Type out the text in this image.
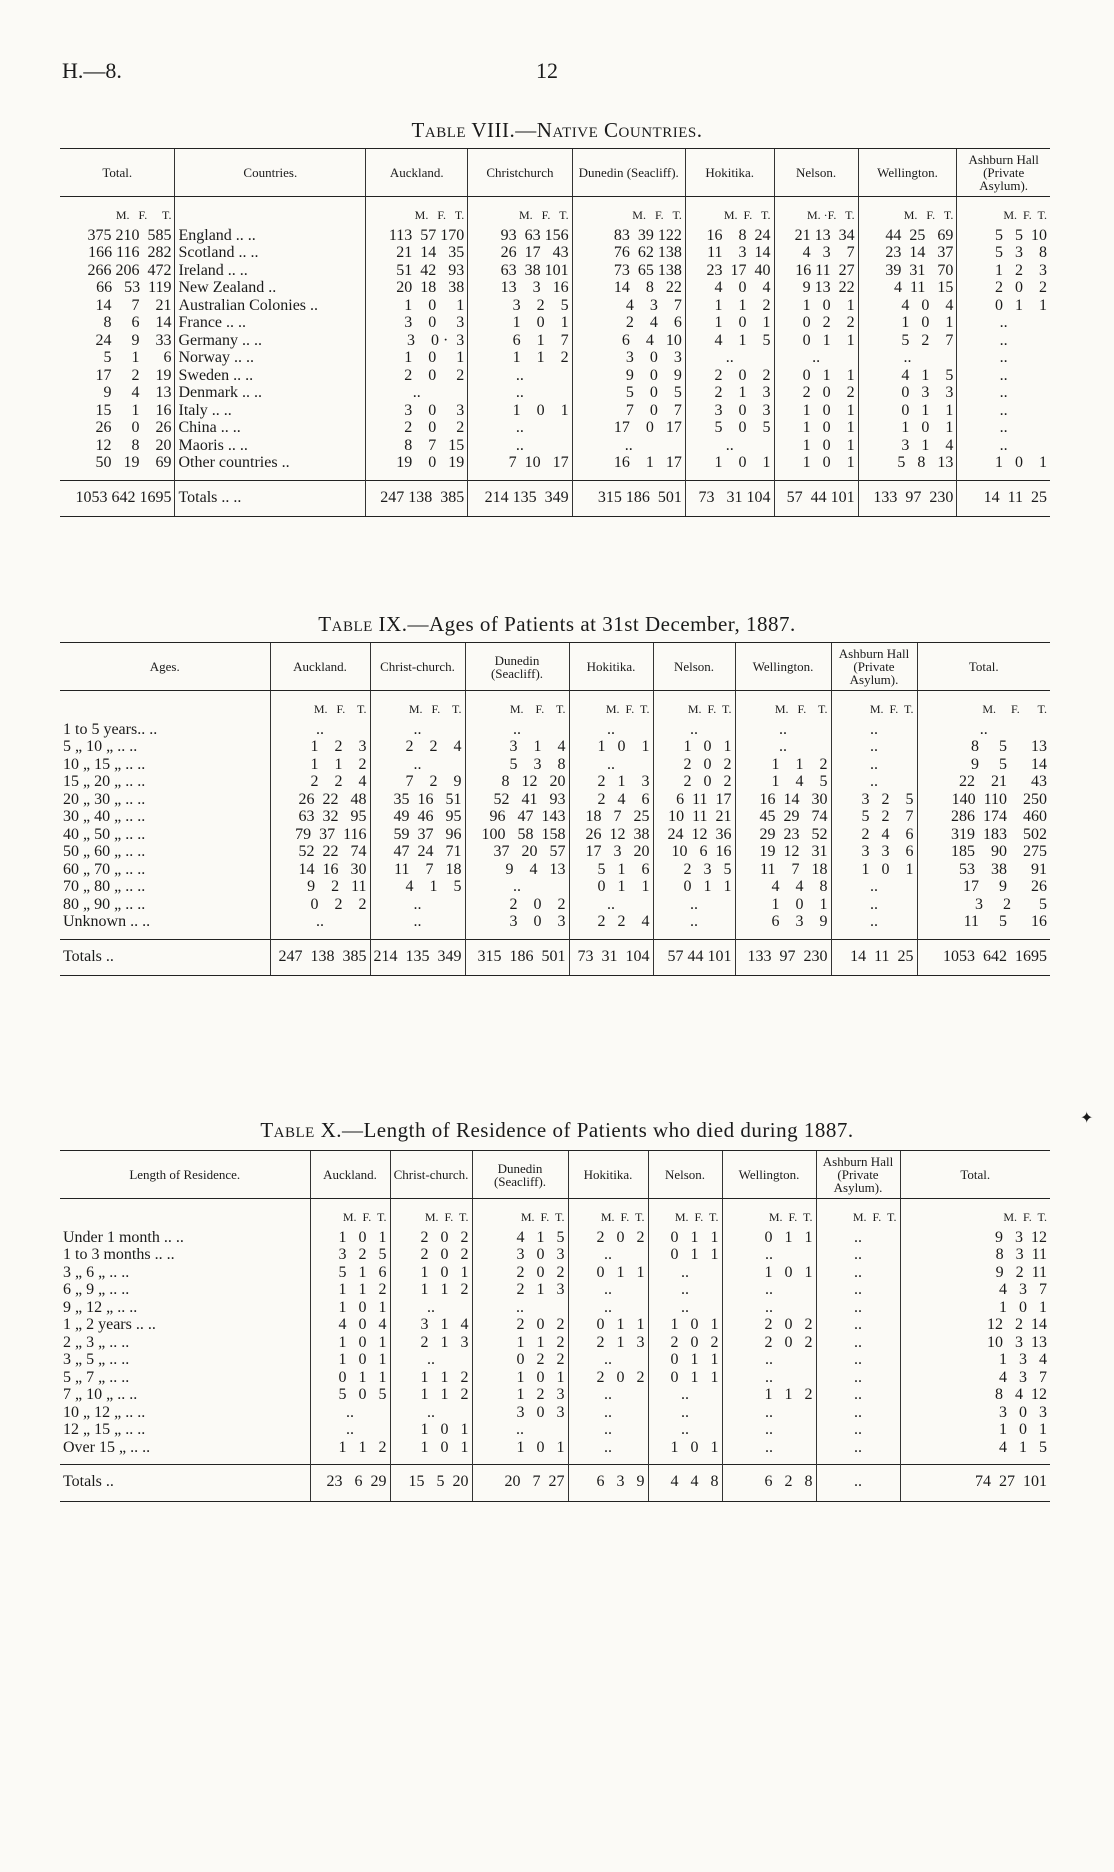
H.—8.	12
Table VIII.—Native Countries.
Total.	Countries.	Auckland.	Christchurch	Dunedin (Seacliff).	Hokitika.	Nelson.	Wellington.	Ashburn Hall (Private Asylum).
M.   F.     T.		M.   F.   T.	M.   F.   T.	M.   F.   T.	M.  F.   T.	M. ·F.   T.	M.   F.   T.	M.  F.  T.
375 210  585	England .. ..	113  57 170	93  63 156	83  39 122	16    8  24	21 13  34	44  25   69	5   5  10
166 116  282	Scotland .. ..	21  14   35	26  17   43	76  62 138	11    3  14	4   3    7	23  14   37	5   3    8
266 206  472	Ireland .. ..	51  42   93	63  38 101	73  65 138	23  17  40	16 11  27	39  31   70	1   2    3
66   53  119	New Zealand ..	20  18   38	13    3   16	14    8   22	4    0    4	9 13  22	4  11   15	2   0    2
14     7    21	Australian Colonies ..	1    0     1	3    2    5	4    3    7	1    1    2	1   0    1	4   0    4	0   1    1
8     6    14	France .. ..	3    0     3	1    0    1	2    4    6	1    0    1	0   2    2	1   0    1	..
24     9    33	Germany .. ..	3    0 ·  3	6    1    7	6    4   10	4    1    5	0   1    1	5   2    7	..
5     1      6	Norway .. ..	1    0     1	1    1    2	3    0    3	..	..	..	..
17     2    19	Sweden .. ..	2    0     2	..	9    0    9	2    0    2	0   1    1	4   1    5	..
9     4    13	Denmark .. ..	..	..	5    0    5	2    1    3	2   0    2	0   3    3	..
15     1    16	Italy .. ..	3    0     3	1    0    1	7    0    7	3    0    3	1   0    1	0   1    1	..
26     0    26	China .. ..	2    0     2	..	17    0   17	5    0    5	1   0    1	1   0    1	..
12     8    20	Maoris .. ..	8    7   15	..	..	..	1   0    1	3   1    4	..
50   19    69	Other countries ..	19    0   19	7  10   17	16    1   17	1    0    1	1   0    1	5   8   13	1   0    1
1053 642 1695	Totals .. ..	247 138  385	214 135  349	315 186  501	73   31 104	57  44 101	133  97  230	14  11  25
Table IX.—Ages of Patients at 31st December, 1887.
Ages.	Auckland.	Christ-church.	Dunedin (Seacliff).	Hokitika.	Nelson.	Wellington.	Ashburn Hall (Private Asylum).	Total.
	M.   F.    T.	M.   F.    T.	M.    F.    T.	M.  F.  T.	M.  F.  T.	M.   F.    T.	M.  F.  T.	M.     F.      T.
1 to 5 years.. ..	..	..	..	..	..	..	..	..
5 „ 10 „ .. ..	1    2    3	2    2    4	3    1    4	1   0    1	1   0   1	..	..	8     5      13
10 „ 15 „ .. ..	1    1    2	..	5    3    8	..	2   0   2	1    1    2	..	9     5      14
15 „ 20 „ .. ..	2    2    4	7    2    9	8   12   20	2   1    3	2   0   2	1    4    5	..	22    21      43
20 „ 30 „ .. ..	26  22   48	35  16   51	52   41   93	2   4    6	6  11  17	16  14   30	3   2    5	140  110    250
30 „ 40 „ .. ..	63  32   95	49  46   95	96   47  143	18   7   25	10  11  21	45  29   74	5   2    7	286  174    460
40 „ 50 „ .. ..	79  37  116	59  37   96	100   58  158	26  12  38	24  12  36	29  23   52	2   4    6	319  183    502
50 „ 60 „ .. ..	52  22   74	47  24   71	37   20   57	17   3   20	10   6  16	19  12   31	3   3    6	185    90    275
60 „ 70 „ .. ..	14  16   30	11    7   18	9    4   13	5   1    6	2   3   5	11    7   18	1   0    1	53    38      91
70 „ 80 „ .. ..	9    2   11	4    1    5	..	0   1    1	0   1   1	4    4    8	..	17     9      26
80 „ 90 „ .. ..	0    2    2	..	2    0    2	..	..	1    0    1	..	3     2       5
Unknown .. ..	..	..	3    0    3	2   2    4	..	6    3    9	..	11     5      16
Totals ..	247  138  385	214  135  349	315  186  501	73  31  104	57 44 101	133  97  230	14  11  25	1053  642  1695
Table X.—Length of Residence of Patients who died during 1887.	✦
Length of Residence.	Auckland.	Christ-church.	Dunedin (Seacliff).	Hokitika.	Nelson.	Wellington.	Ashburn Hall (Private Asylum).	Total.
	M.  F.  T.	M.  F.  T.	M.  F.  T.	M.  F.  T.	M.  F.  T.	M.  F.  T.	M.  F.  T.	M.  F.  T.
Under 1 month .. ..	1   0   1	2   0   2	4   1   5	2   0   2	0   1   1	0   1   1	..	9   3  12
1 to 3 months .. ..	3   2   5	2   0   2	3   0   3	..	0   1   1	..	..	8   3  11
3 „ 6 „ .. ..	5   1   6	1   0   1	2   0   2	0   1   1	..	1   0   1	..	9   2  11
6 „ 9 „ .. ..	1   1   2	1   1   2	2   1   3	..	..	..	..	4   3   7
9 „ 12 „ .. ..	1   0   1	..	..	..	..	..	..	1   0   1
1 „ 2 years .. ..	4   0   4	3   1   4	2   0   2	0   1   1	1   0   1	2   0   2	..	12   2  14
2 „ 3 „ .. ..	1   0   1	2   1   3	1   1   2	2   1   3	2   0   2	2   0   2	..	10   3  13
3 „ 5 „ .. ..	1   0   1	..	0   2   2	..	0   1   1	..	..	1   3   4
5 „ 7 „ .. ..	0   1   1	1   1   2	1   0   1	2   0   2	0   1   1	..	..	4   3   7
7 „ 10 „ .. ..	5   0   5	1   1   2	1   2   3	..	..	1   1   2	..	8   4  12
10 „ 12 „ .. ..	..	..	3   0   3	..	..	..	..	3   0   3
12 „ 15 „ .. ..	..	1   0   1	..	..	..	..	..	1   0   1
Over 15 „ .. ..	1   1   2	1   0   1	1   0   1	..	1   0   1	..	..	4   1   5
Totals ..	23   6  29	15   5  20	20   7  27	6   3   9	4   4   8	6   2   8	..	74  27  101
